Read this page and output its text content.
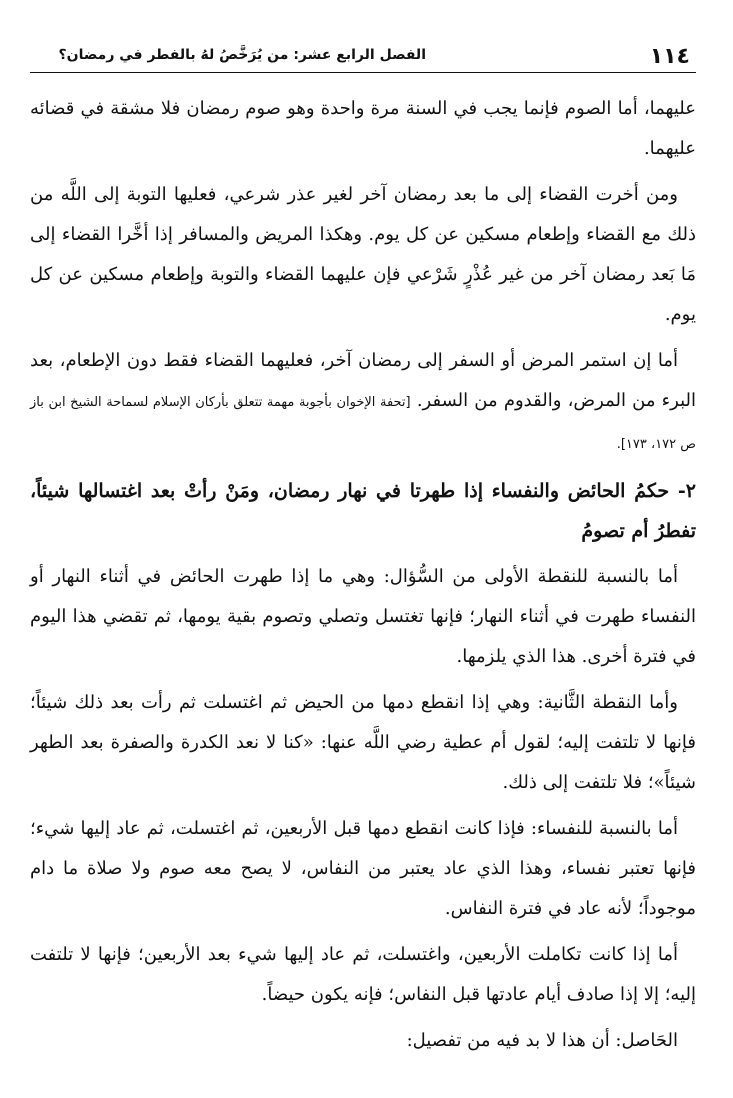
١١٤
الفصل الرابع عشر: من يُرَخَّصُ لهُ بالفطر في رمضان؟

عليهما، أما الصوم فإنما يجب في السنة مرة واحدة وهو صوم رمضان فلا مشقة في قضائه عليهما.

ومن أخرت القضاء إلى ما بعد رمضان آخر لغير عذر شرعي، فعليها التوبة إلى اللَّه من ذلك مع القضاء وإطعام مسكين عن كل يوم. وهكذا المريض والمسافر إذا أخَّرا القضاء إلى مَا بَعد رمضان آخر من غير عُذْرٍ شَرْعي فإن عليهما القضاء والتوبة وإطعام مسكين عن كل يوم.

أما إن استمر المرض أو السفر إلى رمضان آخر، فعليهما القضاء فقط دون الإطعام، بعد البرء من المرض، والقدوم من السفر. [تحفة الإخوان بأجوبة مهمة تتعلق بأركان الإسلام لسماحة الشيخ ابن باز ص ١٧٢، ١٧٣].

٢- حكمُ الحائض والنفساء إذا طهرتا في نهار رمضان، ومَنْ رأتْ بعد اغتسالها شيئاً، تفطرُ أم تصومُ

أما بالنسبة للنقطة الأولى من السُّؤال: وهي ما إذا طهرت الحائض في أثناء النهار أو النفساء طهرت في أثناء النهار؛ فإنها تغتسل وتصلي وتصوم بقية يومها، ثم تقضي هذا اليوم في فترة أخرى. هذا الذي يلزمها.

وأما النقطة الثَّانية: وهي إذا انقطع دمها من الحيض ثم اغتسلت ثم رأت بعد ذلك شيئاً؛ فإنها لا تلتفت إليه؛ لقول أم عطية رضي اللَّه عنها: «كنا لا نعد الكدرة والصفرة بعد الطهر شيئاً»؛ فلا تلتفت إلى ذلك.

أما بالنسبة للنفساء: فإذا كانت انقطع دمها قبل الأربعين، ثم اغتسلت، ثم عاد إليها شيء؛ فإنها تعتبر نفساء، وهذا الذي عاد يعتبر من النفاس، لا يصح معه صوم ولا صلاة ما دام موجوداً؛ لأنه عاد في فترة النفاس.

أما إذا كانت تكاملت الأربعين، واغتسلت، ثم عاد إليها شيء بعد الأربعين؛ فإنها لا تلتفت إليه؛ إلا إذا صادف أيام عادتها قبل النفاس؛ فإنه يكون حيضاً.

الحَاصل: أن هذا لا بد فيه من تفصيل:
